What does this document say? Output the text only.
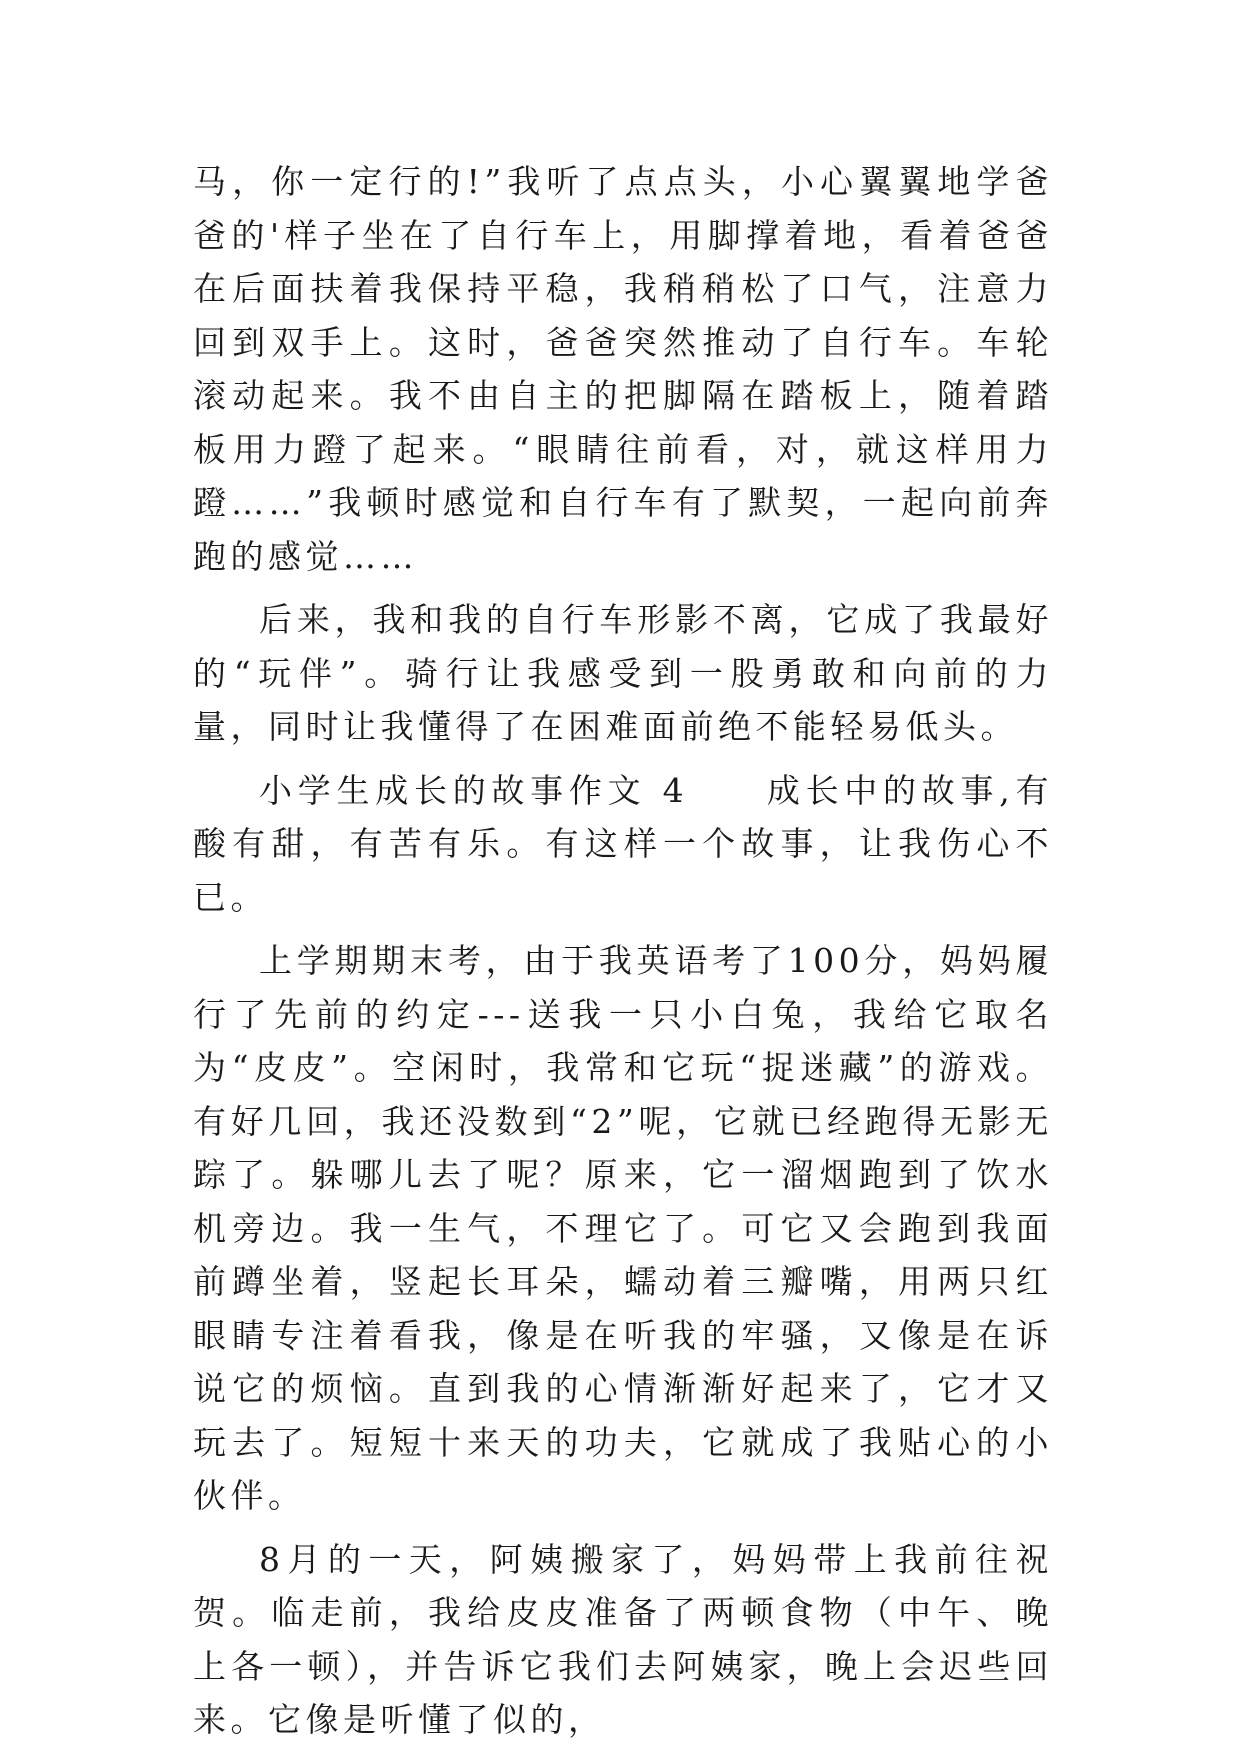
马，你一定行的!”我听了点点头，小心翼翼地学爸爸的'样子坐在了自行车上，用脚撑着地，看着爸爸在后面扶着我保持平稳，我稍稍松了口气，注意力回到双手上。这时，爸爸突然推动了自行车。车轮滚动起来。我不由自主的把脚隔在踏板上，随着踏板用力蹬了起来。“眼睛往前看，对，就这样用力蹬……”我顿时感觉和自行车有了默契，一起向前奔跑的感觉……

后来，我和我的自行车形影不离，它成了我最好的“玩伴”。骑行让我感受到一股勇敢和向前的力量，同时让我懂得了在困难面前绝不能轻易低头。

小学生成长的故事作文 4　　成长中的故事,有酸有甜，有苦有乐。有这样一个故事，让我伤心不已。

上学期期末考，由于我英语考了100分，妈妈履行了先前的约定---送我一只小白兔，我给它取名为“皮皮”。空闲时，我常和它玩“捉迷藏”的游戏。有好几回，我还没数到“2”呢，它就已经跑得无影无踪了。躲哪儿去了呢？原来，它一溜烟跑到了饮水机旁边。我一生气，不理它了。可它又会跑到我面前蹲坐着，竖起长耳朵，蠕动着三瓣嘴，用两只红眼睛专注着看我，像是在听我的牢骚，又像是在诉说它的烦恼。直到我的心情渐渐好起来了，它才又玩去了。短短十来天的功夫，它就成了我贴心的小伙伴。

8月的一天，阿姨搬家了，妈妈带上我前往祝贺。临走前，我给皮皮准备了两顿食物（中午、晚上各一顿），并告诉它我们去阿姨家，晚上会迟些回来。它像是听懂了似的，
